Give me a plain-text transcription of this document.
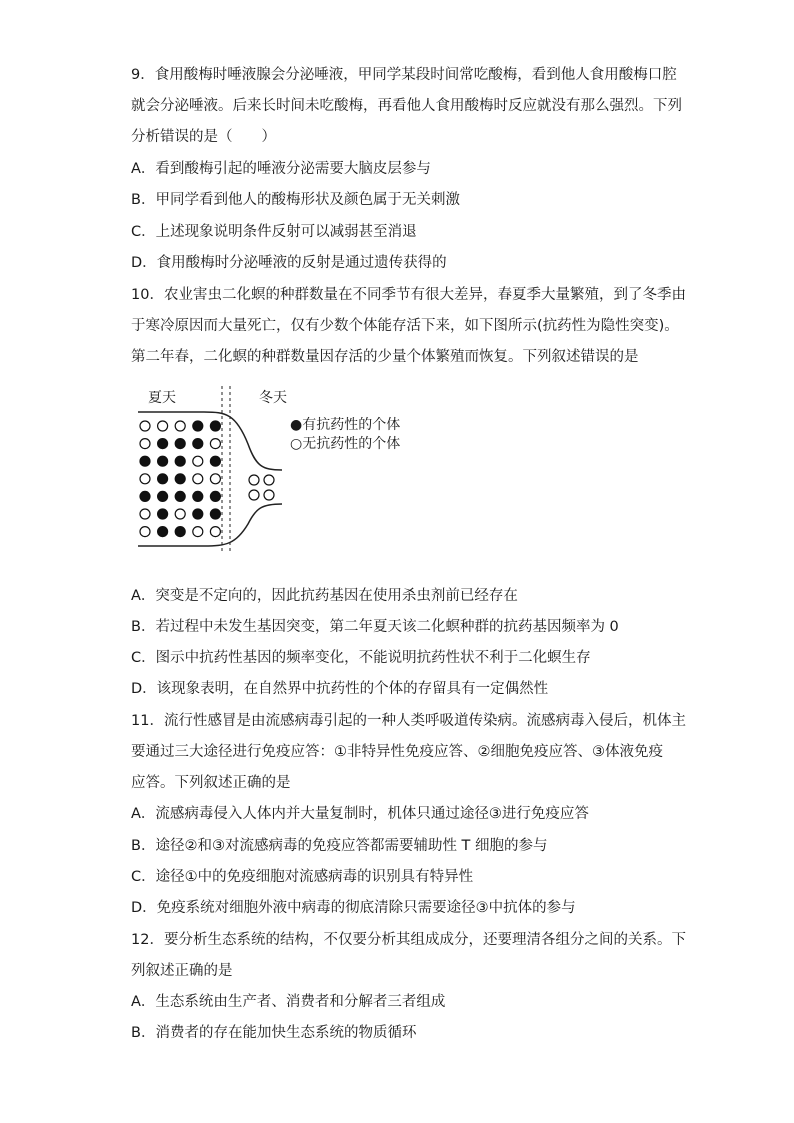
9．食用酸梅时唾液腺会分泌唾液，甲同学某段时间常吃酸梅，看到他人食用酸梅口腔
就会分泌唾液。后来长时间未吃酸梅，再看他人食用酸梅时反应就没有那么强烈。下列
分析错误的是（　　）
A．看到酸梅引起的唾液分泌需要大脑皮层参与
B．甲同学看到他人的酸梅形状及颜色属于无关刺激
C．上述现象说明条件反射可以减弱甚至消退
D．食用酸梅时分泌唾液的反射是通过遗传获得的
10．农业害虫二化螟的种群数量在不同季节有很大差异，春夏季大量繁殖，到了冬季由
于寒冷原因而大量死亡，仅有少数个体能存活下来，如下图所示(抗药性为隐性突变)。
第二年春，二化螟的种群数量因存活的少量个体繁殖而恢复。下列叙述错误的是
夏天	冬天
●有抗药性的个体
○无抗药性的个体
A．突变是不定向的，因此抗药基因在使用杀虫剂前已经存在
B．若过程中未发生基因突变，第二年夏天该二化螟种群的抗药基因频率为 0
C．图示中抗药性基因的频率变化，不能说明抗药性状不利于二化螟生存
D．该现象表明，在自然界中抗药性的个体的存留具有一定偶然性
11．流行性感冒是由流感病毒引起的一种人类呼吸道传染病。流感病毒入侵后，机体主
要通过三大途径进行免疫应答：①非特异性免疫应答、②细胞免疫应答、③体液免疫
应答。下列叙述正确的是
A．流感病毒侵入人体内并大量复制时，机体只通过途径③进行免疫应答
B．途径②和③对流感病毒的免疫应答都需要辅助性 T 细胞的参与
C．途径①中的免疫细胞对流感病毒的识别具有特异性
D．免疫系统对细胞外液中病毒的彻底清除只需要途径③中抗体的参与
12．要分析生态系统的结构，不仅要分析其组成成分，还要理清各组分之间的关系。下
列叙述正确的是
A．生态系统由生产者、消费者和分解者三者组成
B．消费者的存在能加快生态系统的物质循环
